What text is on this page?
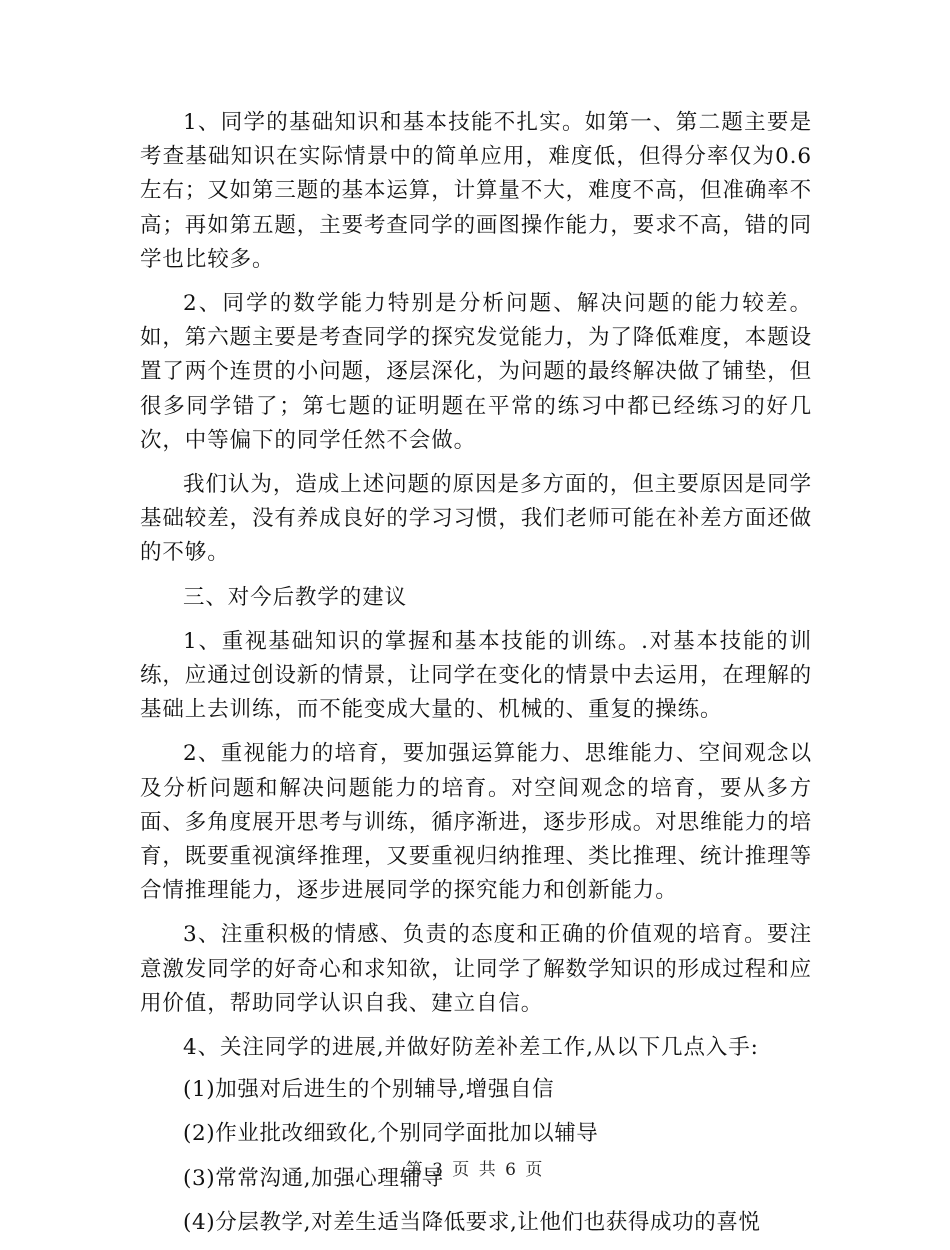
1、同学的基础知识和基本技能不扎实。如第一、第二题主要是考查基础知识在实际情景中的简单应用，难度低，但得分率仅为0.6左右；又如第三题的基本运算，计算量不大，难度不高，但准确率不高；再如第五题，主要考查同学的画图操作能力，要求不高，错的同学也比较多。

2、同学的数学能力特别是分析问题、解决问题的能力较差。如，第六题主要是考查同学的探究发觉能力，为了降低难度，本题设置了两个连贯的小问题，逐层深化，为问题的最终解决做了铺垫，但很多同学错了；第七题的证明题在平常的练习中都已经练习的好几次，中等偏下的同学任然不会做。

我们认为，造成上述问题的原因是多方面的，但主要原因是同学基础较差，没有养成良好的学习习惯，我们老师可能在补差方面还做的不够。

三、对今后教学的建议

1、重视基础知识的掌握和基本技能的训练。.对基本技能的训练，应通过创设新的情景，让同学在变化的情景中去运用，在理解的基础上去训练，而不能变成大量的、机械的、重复的操练。

2、重视能力的培育，要加强运算能力、思维能力、空间观念以及分析问题和解决问题能力的培育。对空间观念的培育，要从多方面、多角度展开思考与训练，循序渐进，逐步形成。对思维能力的培育，既要重视演绎推理，又要重视归纳推理、类比推理、统计推理等合情推理能力，逐步进展同学的探究能力和创新能力。

3、注重积极的情感、负责的态度和正确的价值观的培育。要注意激发同学的好奇心和求知欲，让同学了解数学知识的形成过程和应用价值，帮助同学认识自我、建立自信。

4、关注同学的进展,并做好防差补差工作,从以下几点入手:

(1)加强对后进生的个别辅导,增强自信
(2)作业批改细致化,个别同学面批加以辅导
(3)常常沟通,加强心理辅导
(4)分层教学,对差生适当降低要求,让他们也获得成功的喜悦
第 3 页 共 6 页
